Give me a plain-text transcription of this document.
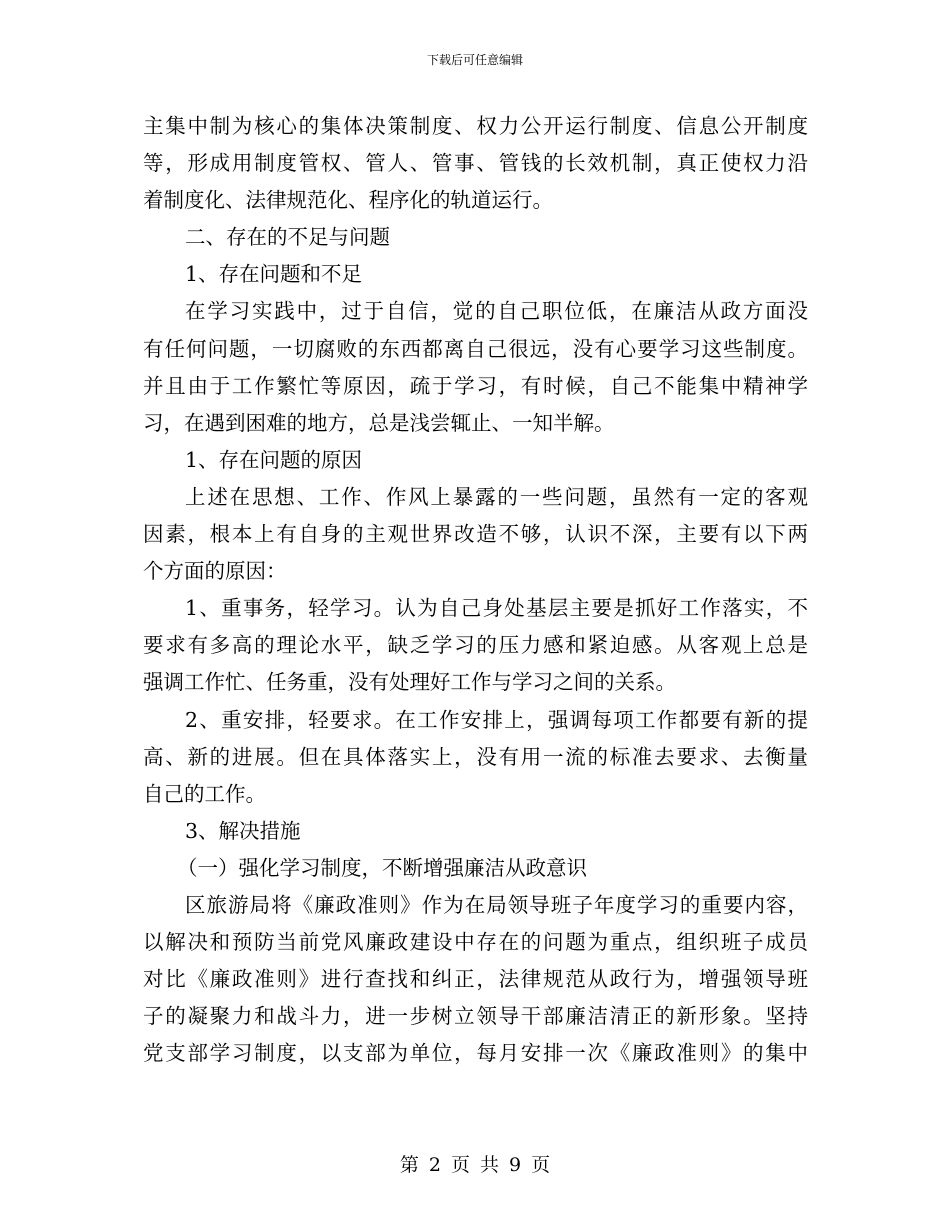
下载后可任意编辑
主集中制为核心的集体决策制度、权力公开运行制度、信息公开制度
等，形成用制度管权、管人、管事、管钱的长效机制，真正使权力沿
着制度化、法律规范化、程序化的轨道运行。
二、存在的不足与问题
1、存在问题和不足
在学习实践中，过于自信，觉的自己职位低，在廉洁从政方面没
有任何问题，一切腐败的东西都离自己很远，没有心要学习这些制度。
并且由于工作繁忙等原因，疏于学习，有时候，自己不能集中精神学
习，在遇到困难的地方，总是浅尝辄止、一知半解。
1、存在问题的原因
上述在思想、工作、作风上暴露的一些问题，虽然有一定的客观
因素，根本上有自身的主观世界改造不够，认识不深，主要有以下两
个方面的原因：
1、重事务，轻学习。认为自己身处基层主要是抓好工作落实，不
要求有多高的理论水平，缺乏学习的压力感和紧迫感。从客观上总是
强调工作忙、任务重，没有处理好工作与学习之间的关系。
2、重安排，轻要求。在工作安排上，强调每项工作都要有新的提
高、新的进展。但在具体落实上，没有用一流的标准去要求、去衡量
自己的工作。
3、解决措施
（一）强化学习制度，不断增强廉洁从政意识
区旅游局将《廉政准则》作为在局领导班子年度学习的重要内容，
以解决和预防当前党风廉政建设中存在的问题为重点，组织班子成员
对比《廉政准则》进行查找和纠正，法律规范从政行为，增强领导班
子的凝聚力和战斗力，进一步树立领导干部廉洁清正的新形象。坚持
党支部学习制度，以支部为单位，每月安排一次《廉政准则》的集中
第 2 页 共 9 页
